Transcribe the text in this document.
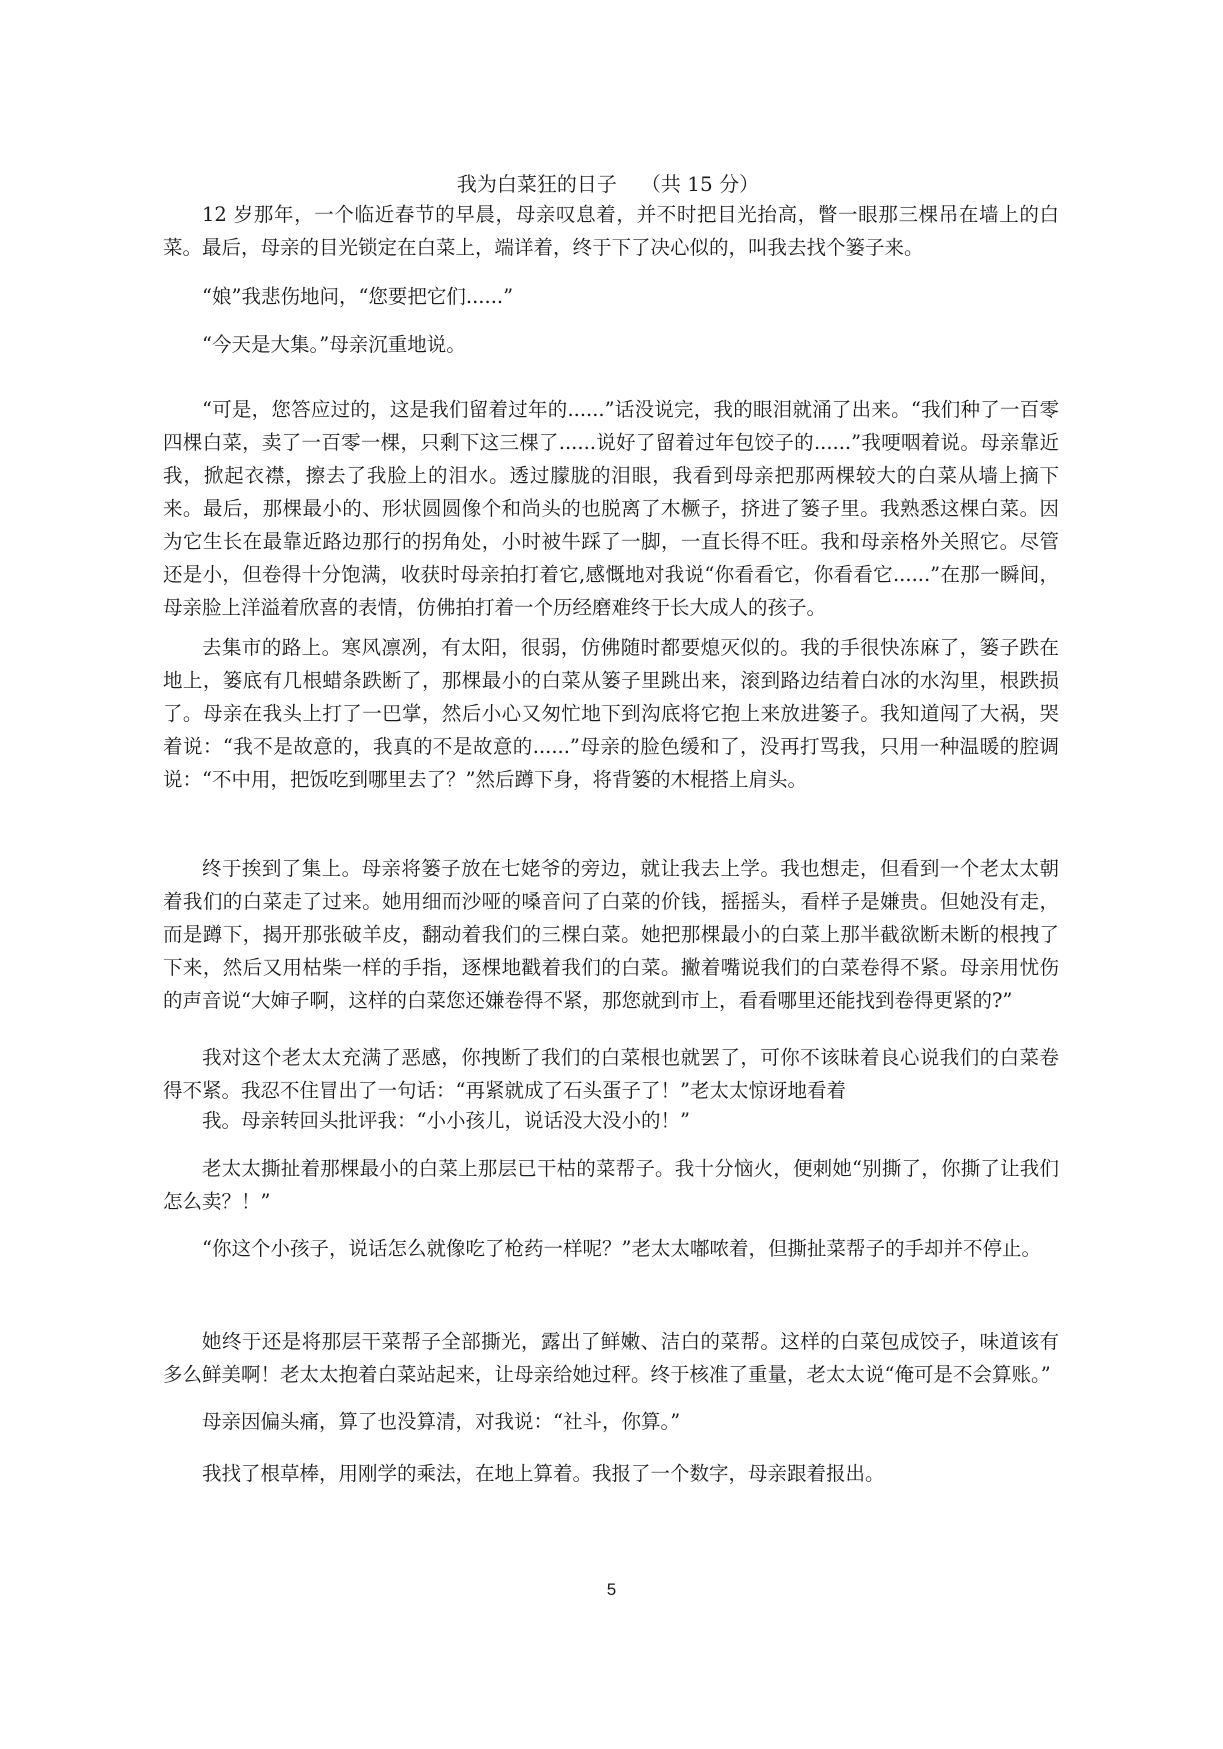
我为白菜狂的日子 （共 15 分）

12 岁那年，一个临近春节的早晨，母亲叹息着，并不时把目光抬高，瞥一眼那三棵吊在墙上的白菜。最后，母亲的目光锁定在白菜上，端详着，终于下了决心似的，叫我去找个篓子来。

“娘”我悲伤地问，“您要把它们......”

“今天是大集。”母亲沉重地说。

“可是，您答应过的，这是我们留着过年的......”话没说完，我的眼泪就涌了出来。“我们种了一百零四棵白菜，卖了一百零一棵，只剩下这三棵了......说好了留着过年包饺子的......”我哽咽着说。母亲靠近我，掀起衣襟，擦去了我脸上的泪水。透过朦胧的泪眼，我看到母亲把那两棵较大的白菜从墙上摘下来。最后，那棵最小的、形状圆圆像个和尚头的也脱离了木橛子，挤进了篓子里。我熟悉这棵白菜。因为它生长在最靠近路边那行的拐角处，小时被牛踩了一脚，一直长得不旺。我和母亲格外关照它。尽管还是小，但卷得十分饱满，收获时母亲拍打着它,感慨地对我说“你看看它，你看看它......”在那一瞬间，母亲脸上洋溢着欣喜的表情，仿佛拍打着一个历经磨难终于长大成人的孩子。

去集市的路上。寒风凛冽，有太阳，很弱，仿佛随时都要熄灭似的。我的手很快冻麻了，篓子跌在地上，篓底有几根蜡条跌断了，那棵最小的白菜从篓子里跳出来，滚到路边结着白冰的水沟里，根跌损了。母亲在我头上打了一巴掌，然后小心又匆忙地下到沟底将它抱上来放进篓子。我知道闯了大祸，哭着说：“我不是故意的，我真的不是故意的......”母亲的脸色缓和了，没再打骂我，只用一种温暖的腔调说：“不中用，把饭吃到哪里去了？”然后蹲下身，将背篓的木棍搭上肩头。

终于挨到了集上。母亲将篓子放在七姥爷的旁边，就让我去上学。我也想走，但看到一个老太太朝着我们的白菜走了过来。她用细而沙哑的嗓音问了白菜的价钱，摇摇头，看样子是嫌贵。但她没有走，而是蹲下，揭开那张破羊皮，翻动着我们的三棵白菜。她把那棵最小的白菜上那半截欲断未断的根拽了下来，然后又用枯柴一样的手指，逐棵地戳着我们的白菜。撇着嘴说我们的白菜卷得不紧。母亲用忧伤的声音说“大婶子啊，这样的白菜您还嫌卷得不紧，那您就到市上，看看哪里还能找到卷得更紧的?”

我对这个老太太充满了恶感，你拽断了我们的白菜根也就罢了，可你不该昧着良心说我们的白菜卷得不紧。我忍不住冒出了一句话：“再紧就成了石头蛋子了！”老太太惊讶地看着

我。母亲转回头批评我：“小小孩儿，说话没大没小的！”

老太太撕扯着那棵最小的白菜上那层已干枯的菜帮子。我十分恼火，便刺她“别撕了，你撕了让我们怎么卖？！”

“你这个小孩子，说话怎么就像吃了枪药一样呢？”老太太嘟哝着，但撕扯菜帮子的手却并不停止。

她终于还是将那层干菜帮子全部撕光，露出了鲜嫩、洁白的菜帮。这样的白菜包成饺子，味道该有多么鲜美啊！老太太抱着白菜站起来，让母亲给她过秤。终于核准了重量，老太太说“俺可是不会算账。”

母亲因偏头痛，算了也没算清，对我说：“社斗，你算。”

我找了根草棒，用刚学的乘法，在地上算着。我报了一个数字，母亲跟着报出。

5
